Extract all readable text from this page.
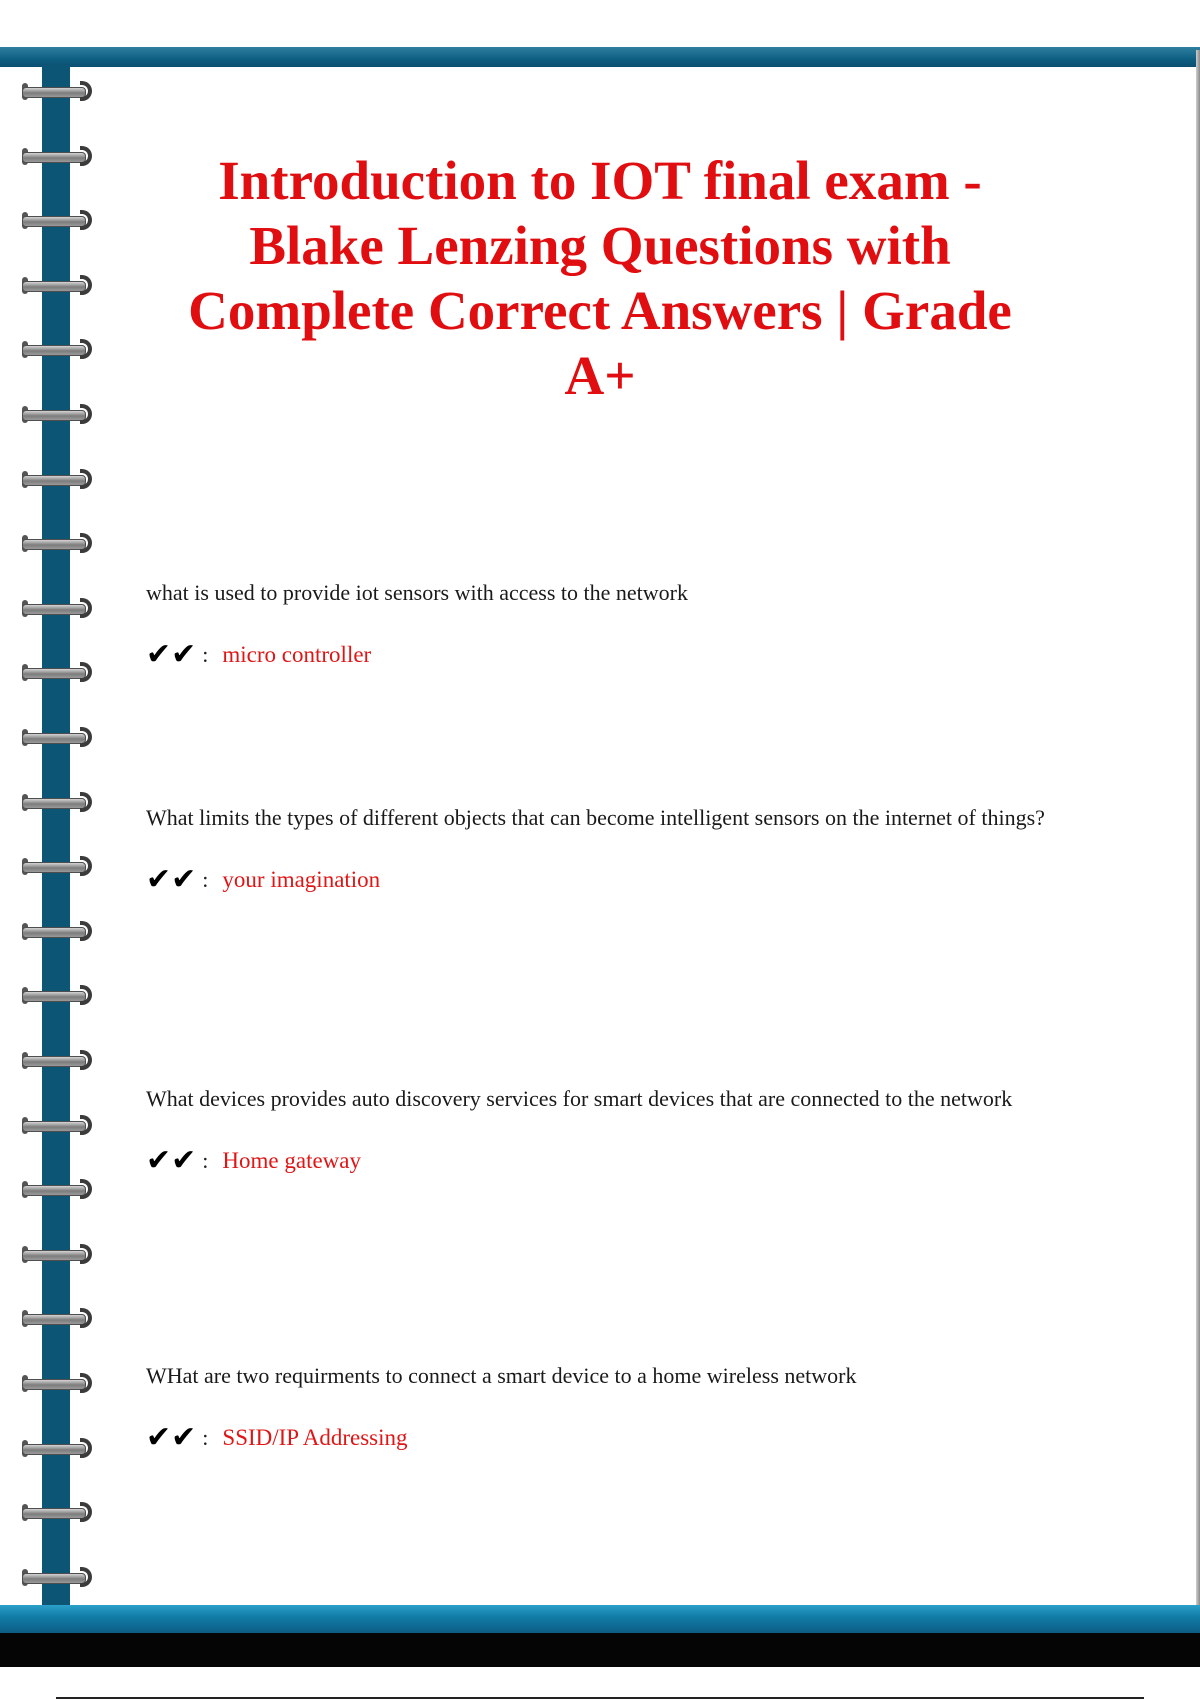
Introduction to IOT final exam - Blake Lenzing Questions with Complete Correct Answers | Grade A+

what is used to provide iot sensors with access to the network

✔✔ : micro controller

What limits the types of different objects that can become intelligent sensors on the internet of things?

✔✔ : your imagination

What devices provides auto discovery services for smart devices that are connected to the network

✔✔ : Home gateway

WHat are two requirments to connect a smart device to a home wireless network

✔✔ : SSID/IP Addressing
